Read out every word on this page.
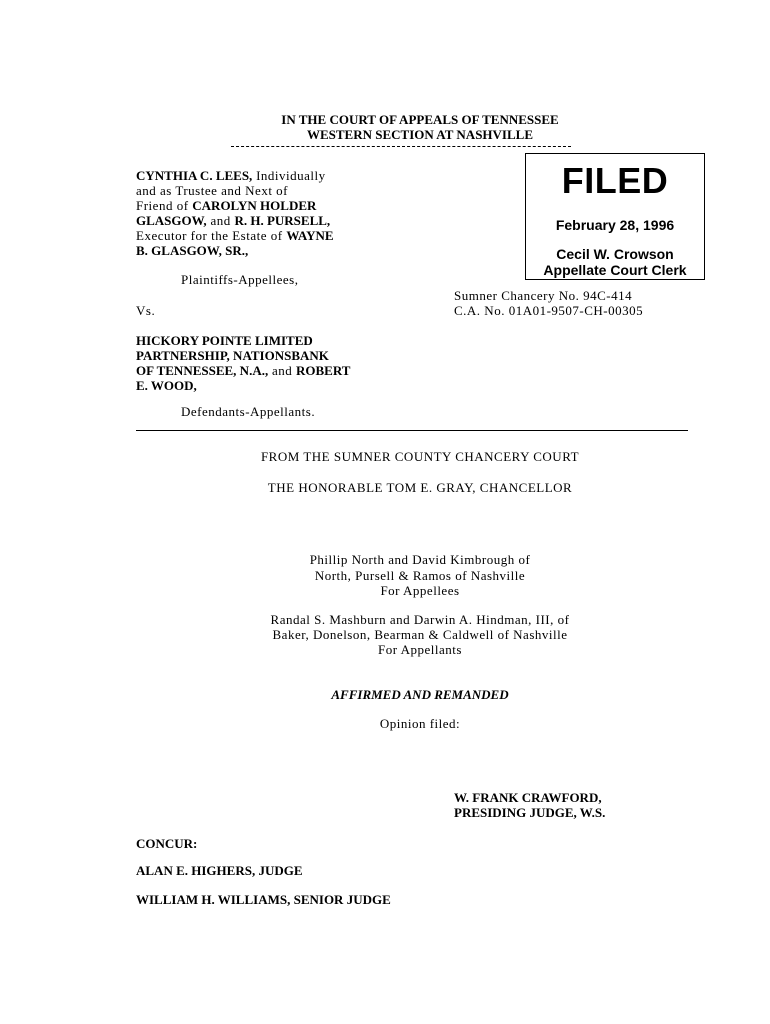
IN THE COURT OF APPEALS OF TENNESSEE
WESTERN SECTION AT NASHVILLE
FILED
February 28, 1996
Cecil W. Crowson
Appellate Court Clerk
CYNTHIA C. LEES, Individually
and as Trustee and Next of
Friend of CAROLYN HOLDER
GLASGOW, and R. H. PURSELL,
Executor for the Estate of WAYNE
B. GLASGOW, SR.,
Plaintiffs-Appellees,
Vs.
Sumner Chancery No. 94C-414
C.A. No. 01A01-9507-CH-00305
HICKORY POINTE LIMITED
PARTNERSHIP, NATIONSBANK
OF TENNESSEE, N.A., and ROBERT
E. WOOD,
Defendants-Appellants.
FROM THE SUMNER COUNTY CHANCERY COURT
THE HONORABLE TOM E. GRAY, CHANCELLOR
Phillip North and David Kimbrough of
North, Pursell & Ramos of Nashville
For Appellees
Randal S. Mashburn and Darwin A. Hindman, III, of
Baker, Donelson, Bearman & Caldwell of Nashville
For Appellants
AFFIRMED AND REMANDED
Opinion filed:
W. FRANK CRAWFORD,
PRESIDING JUDGE, W.S.
CONCUR:
ALAN E. HIGHERS, JUDGE
WILLIAM H. WILLIAMS, SENIOR JUDGE
